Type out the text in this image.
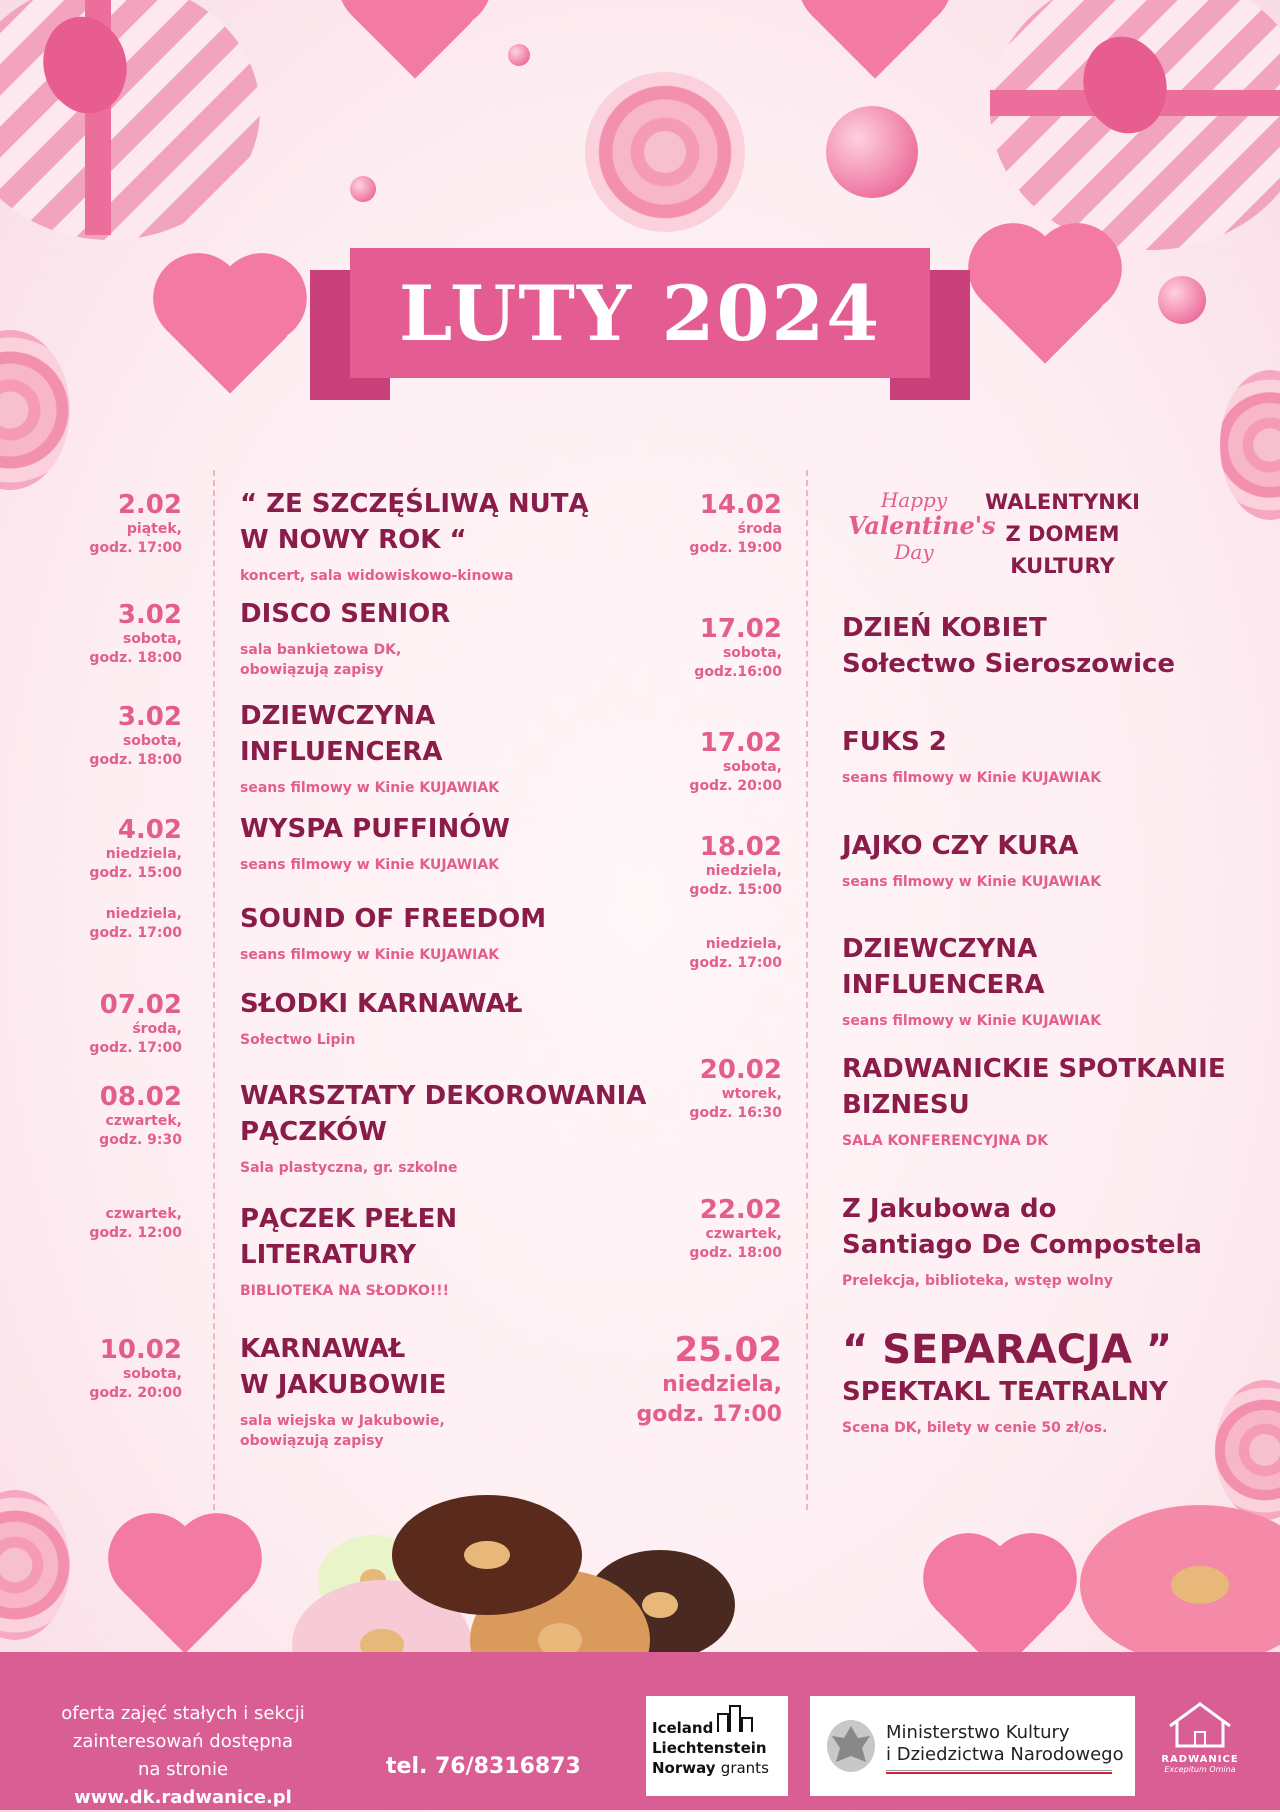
LUTY 2024
2.02
piątek,
godz. 17:00
“ ZE SZCZĘŚLIWĄ NUTĄ
W NOWY ROK “
koncert, sala widowiskowo-kinowa
3.02
sobota,
godz. 18:00
DISCO SENIOR
sala bankietowa DK,
obowiązują zapisy
3.02
sobota,
godz. 18:00
DZIEWCZYNA
INFLUENCERA
seans filmowy w Kinie KUJAWIAK
4.02
niedziela,
godz. 15:00
WYSPA PUFFINÓW
seans filmowy w Kinie KUJAWIAK
niedziela,
godz. 17:00 SOUND OF FREEDOM
seans filmowy w Kinie KUJAWIAK
07.02
środa,
godz. 17:00
SŁODKI KARNAWAŁ
Sołectwo Lipin
08.02
czwartek,
godz. 9:30
WARSZTATY DEKOROWANIA
PĄCZKÓW
Sala plastyczna, gr. szkolne
czwartek,
godz. 12:00 PĄCZEK PEŁEN
LITERATURY
BIBLIOTEKA NA SŁODKO!!!
10.02
sobota,
godz. 20:00
KARNAWAŁ
W JAKUBOWIE
sala wiejska w Jakubowie,
obowiązują zapisy
14.02
środa
godz. 19:00
WALENTYNKI
Z DOMEM
KULTURY
17.02
sobota,
godz.16:00
DZIEŃ KOBIET
Sołectwo Sieroszowice
17.02
sobota,
godz. 20:00
FUKS 2
seans filmowy w Kinie KUJAWIAK
18.02
niedziela,
godz. 15:00
JAJKO CZY KURA
seans filmowy w Kinie KUJAWIAK
niedziela,
godz. 17:00 DZIEWCZYNA
INFLUENCERA
seans filmowy w Kinie KUJAWIAK
20.02
wtorek,
godz. 16:30
RADWANICKIE SPOTKANIE
BIZNESU
SALA KONFERENCYJNA DK
22.02
czwartek,
godz. 18:00
Z Jakubowa do
Santiago De Compostela
Prelekcja, biblioteka, wstęp wolny
25.02
niedziela,
godz. 17:00
“ SEPARACJA ”
SPEKTAKL TEATRALNY
Scena DK, bilety w cenie 50 zł/os.
Happy
Valentine's
Day
oferta zajęć stałych i sekcji
zainteresowań dostępna
na stronie www.dk.radwanice.pl
tel. 76/8316873
Iceland
Liechtenstein
Norway grants
Ministerstwo Kultury
i Dziedzictwa Narodowego	RADWANICE
Excepitum Omina
